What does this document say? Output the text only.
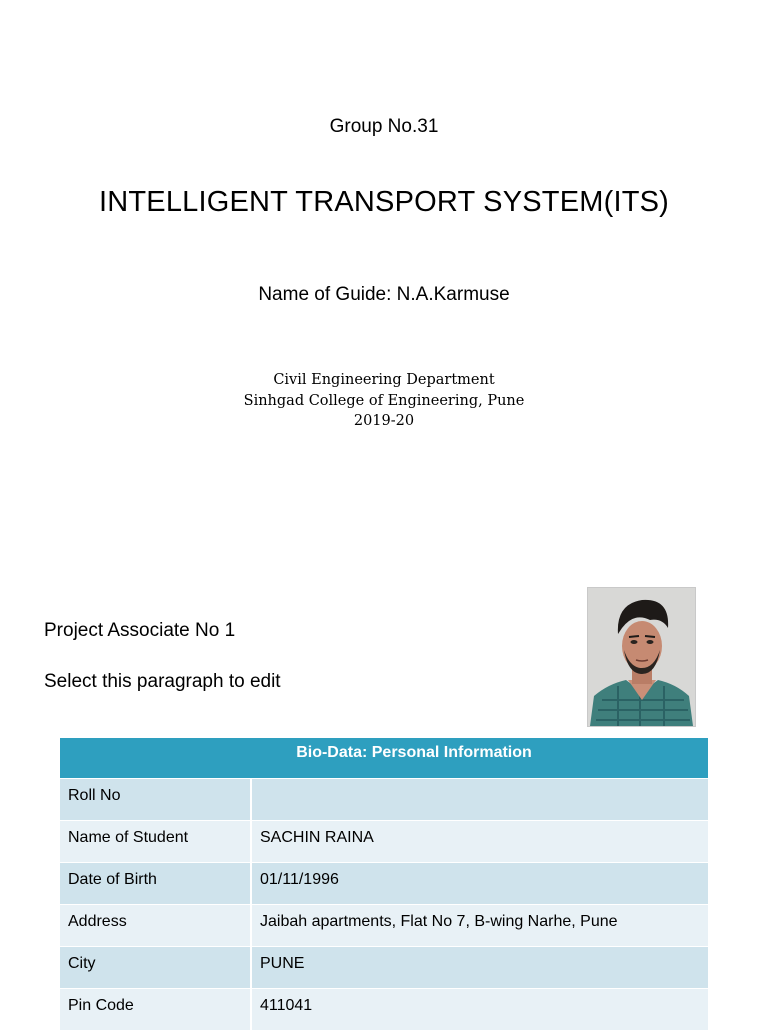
Group No.31
INTELLIGENT TRANSPORT SYSTEM(ITS)
Name of Guide: N.A.Karmuse
Civil Engineering Department
Sinhgad College of Engineering, Pune
2019-20
Project Associate No 1
Select this paragraph to edit
Bio-Data: Personal Information
Roll No
Name of Student	SACHIN RAINA
Date of Birth	01/11/1996
Address	Jaibah apartments, Flat No 7, B-wing Narhe, Pune
City	PUNE
Pin Code	411041
